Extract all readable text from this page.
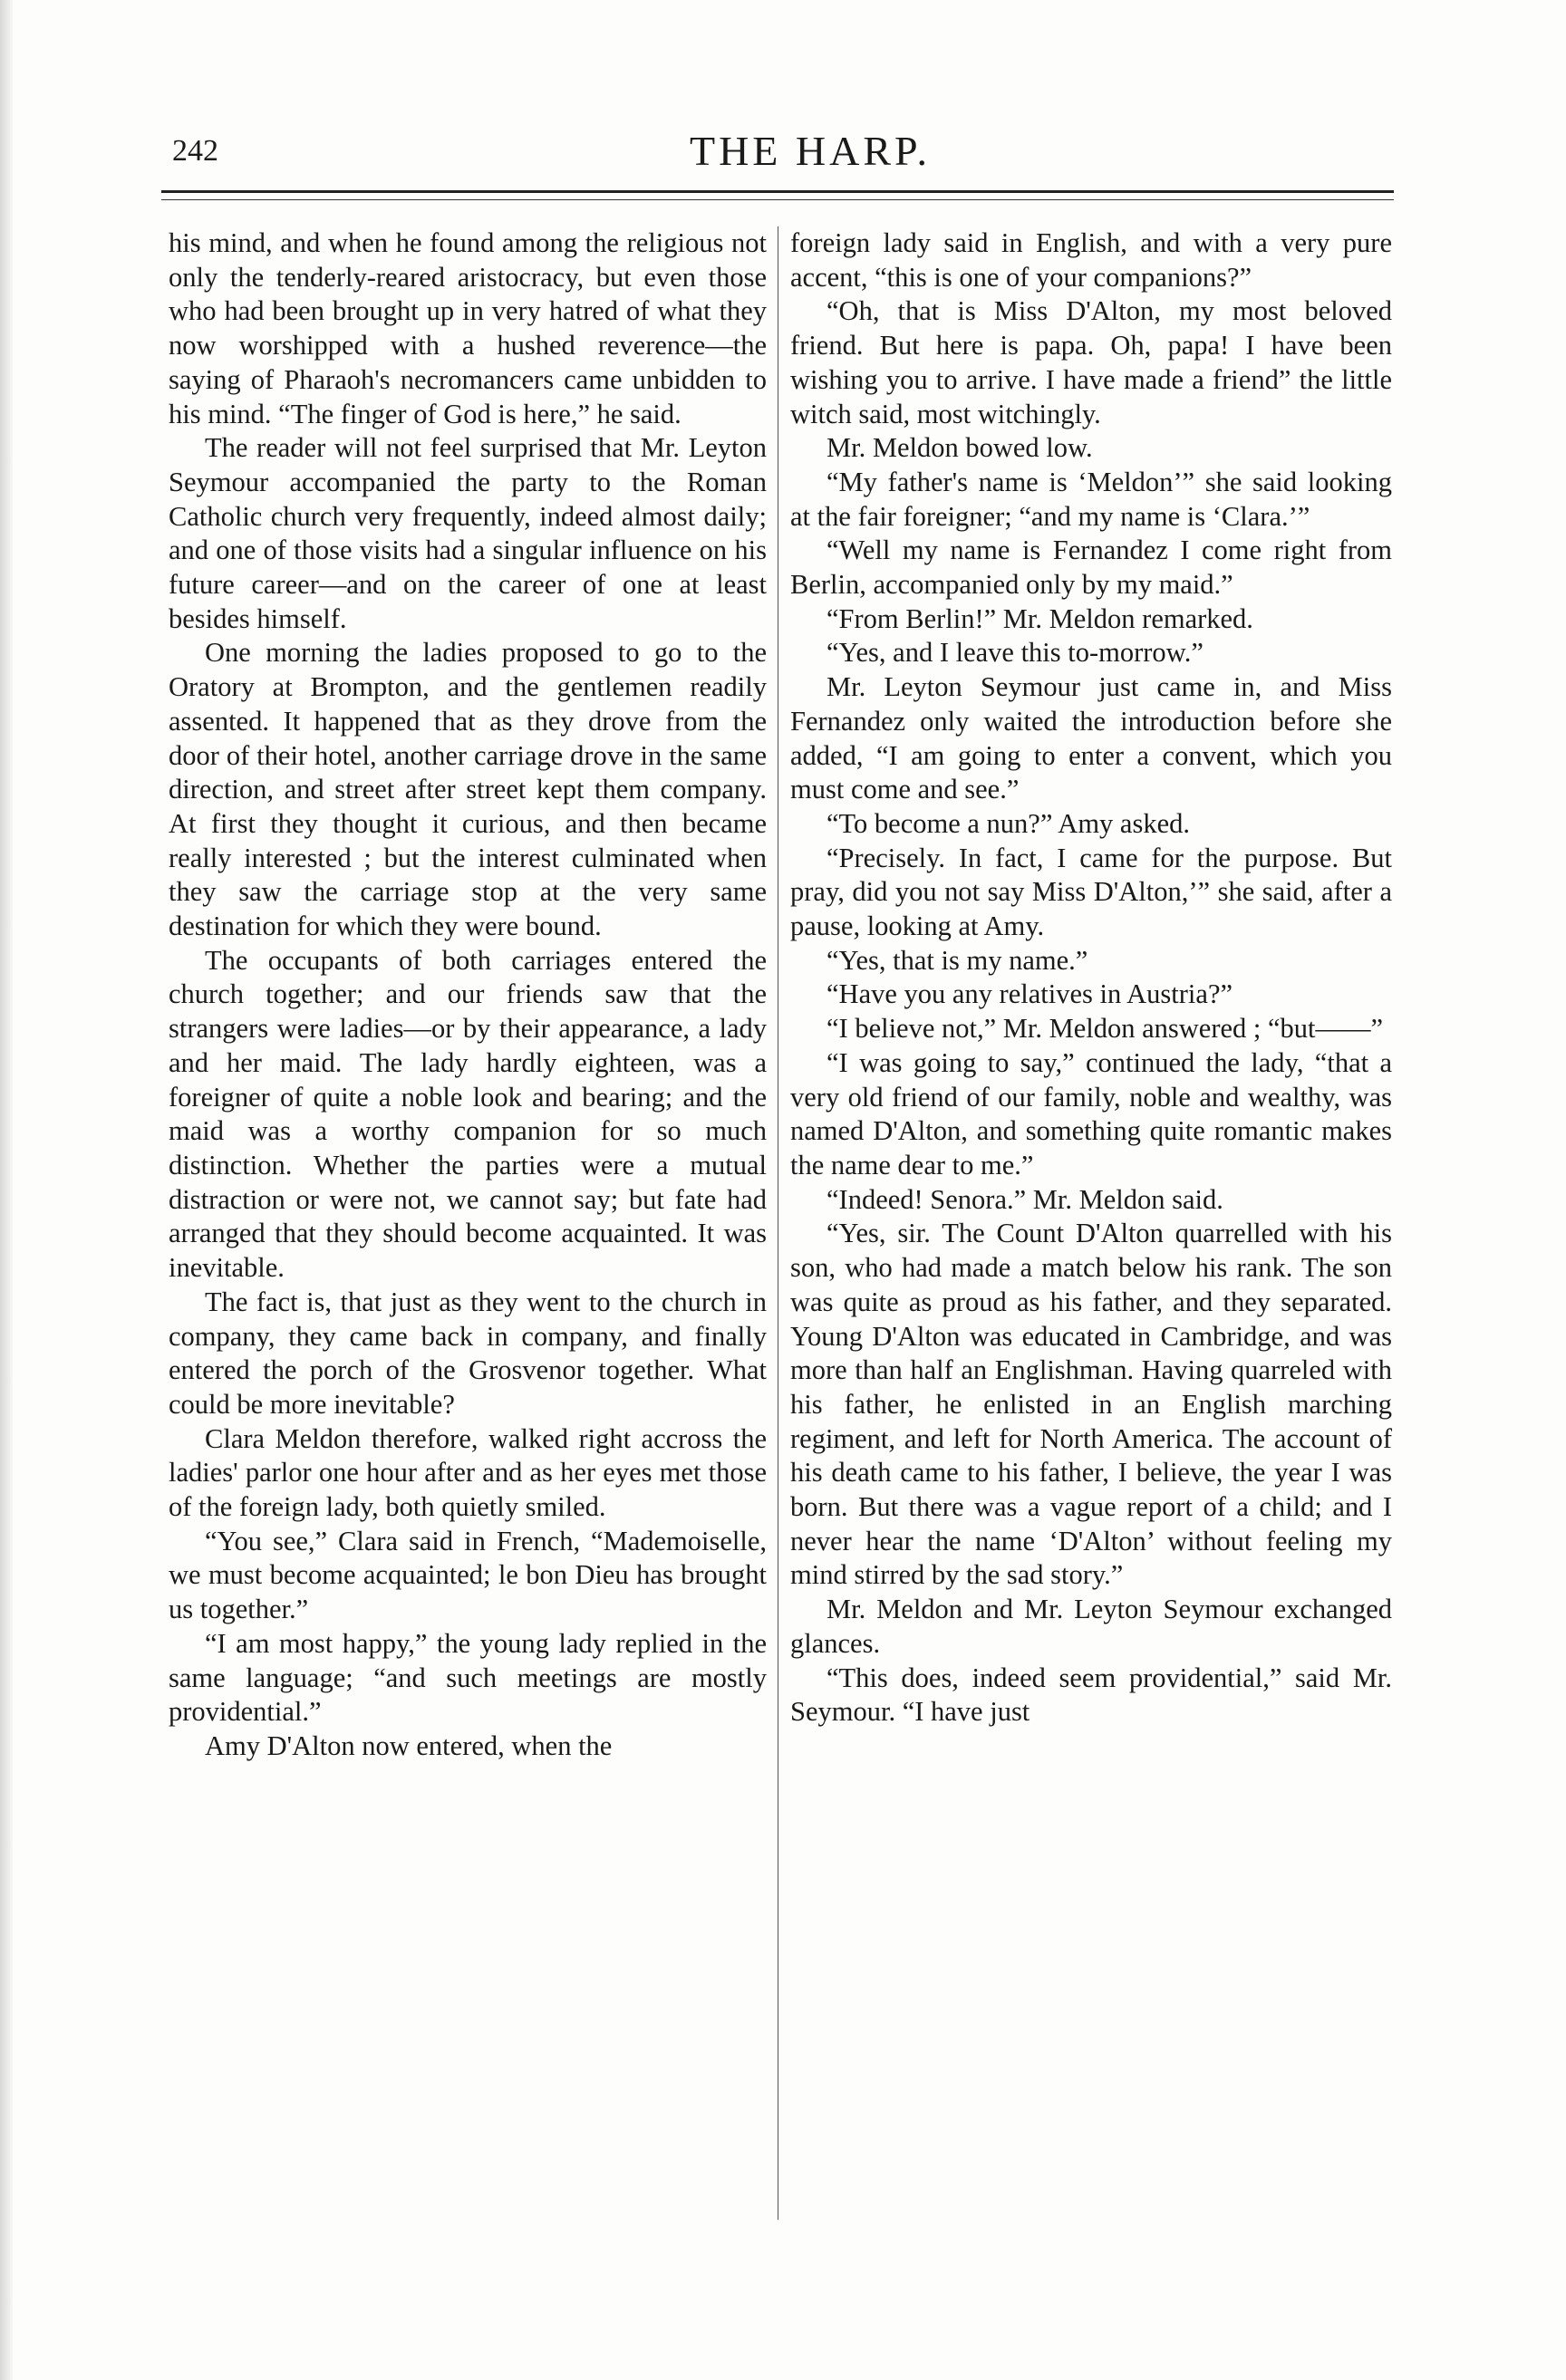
242	THE HARP.

his mind, and when he found among the religious not only the tenderly-reared aristocracy, but even those who had been brought up in very hatred of what they now worshipped with a hushed reverence—the saying of Pharaoh's necromancers came unbidden to his mind. “The finger of God is here,” he said.

The reader will not feel surprised that Mr. Leyton Seymour accompanied the party to the Roman Catholic church very frequently, indeed almost daily; and one of those visits had a singular influence on his future career—and on the career of one at least besides himself.

One morning the ladies proposed to go to the Oratory at Brompton, and the gentlemen readily assented. It happened that as they drove from the door of their hotel, another carriage drove in the same direction, and street after street kept them company. At first they thought it curious, and then became really interested ; but the interest culminated when they saw the carriage stop at the very same destination for which they were bound.

The occupants of both carriages entered the church together; and our friends saw that the strangers were ladies—or by their appearance, a lady and her maid. The lady hardly eighteen, was a foreigner of quite a noble look and bearing; and the maid was a worthy companion for so much distinction. Whether the parties were a mutual distraction or were not, we cannot say; but fate had arranged that they should become acquainted. It was inevitable.

The fact is, that just as they went to the church in company, they came back in company, and finally entered the porch of the Grosvenor together. What could be more inevitable?

Clara Meldon therefore, walked right accross the ladies' parlor one hour after and as her eyes met those of the foreign lady, both quietly smiled.

“You see,” Clara said in French, “Mademoiselle, we must become acquainted; le bon Dieu has brought us together.”

“I am most happy,” the young lady replied in the same language; “and such meetings are mostly providential.”

Amy D'Alton now entered, when the

foreign lady said in English, and with a very pure accent, “this is one of your companions?”

“Oh, that is Miss D'Alton, my most beloved friend. But here is papa. Oh, papa! I have been wishing you to arrive. I have made a friend” the little witch said, most witchingly.

Mr. Meldon bowed low.

“My father's name is ‘Meldon’” she said looking at the fair foreigner; “and my name is ‘Clara.’”

“Well my name is Fernandez I come right from Berlin, accompanied only by my maid.”

“From Berlin!” Mr. Meldon remarked.

“Yes, and I leave this to-morrow.”

Mr. Leyton Seymour just came in, and Miss Fernandez only waited the introduction before she added, “I am going to enter a convent, which you must come and see.”

“To become a nun?” Amy asked.

“Precisely. In fact, I came for the purpose. But pray, did you not say Miss D'Alton,’” she said, after a pause, looking at Amy.

“Yes, that is my name.”

“Have you any relatives in Austria?”

“I believe not,” Mr. Meldon answered ; “but——”

“I was going to say,” continued the lady, “that a very old friend of our family, noble and wealthy, was named D'Alton, and something quite romantic makes the name dear to me.”

“Indeed! Senora.” Mr. Meldon said.

“Yes, sir. The Count D'Alton quarrelled with his son, who had made a match below his rank. The son was quite as proud as his father, and they separated. Young D'Alton was educated in Cambridge, and was more than half an Englishman. Having quarreled with his father, he enlisted in an English marching regiment, and left for North America. The account of his death came to his father, I believe, the year I was born. But there was a vague report of a child; and I never hear the name ‘D'Alton’ without feeling my mind stirred by the sad story.”

Mr. Meldon and Mr. Leyton Seymour exchanged glances.

“This does, indeed seem providential,” said Mr. Seymour. “I have just
